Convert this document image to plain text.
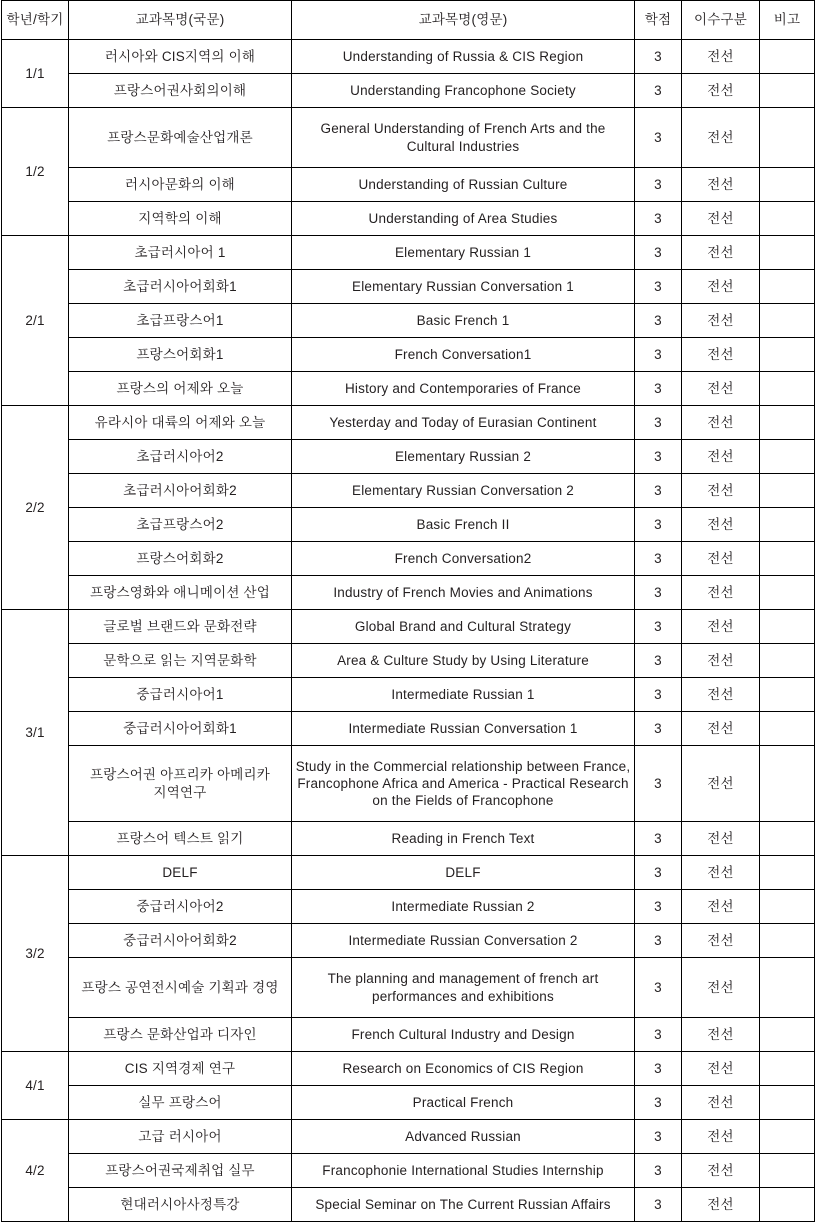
학년/학기	교과목명(국문)	교과목명(영문)	학점	이수구분	비고
1/1	러시아와 CIS지역의 이해	Understanding of Russia & CIS Region	3	전선	
	프랑스어권사회의이해	Understanding Francophone Society	3	전선	
1/2	프랑스문화예술산업개론	General Understanding of French Arts and the Cultural Industries	3	전선	
	러시아문화의 이해	Understanding of Russian Culture	3	전선	
	지역학의 이해	Understanding of Area Studies	3	전선	
2/1	초급러시아어 1	Elementary Russian 1	3	전선	
	초급러시아어회화1	Elementary Russian Conversation 1	3	전선	
	초급프랑스어1	Basic French 1	3	전선	
	프랑스어회화1	French Conversation1	3	전선	
	프랑스의 어제와 오늘	History and Contemporaries of France	3	전선	
2/2	유라시아 대륙의 어제와 오늘	Yesterday and Today of Eurasian Continent	3	전선	
	초급러시아어2	Elementary Russian 2	3	전선	
	초급러시아어회화2	Elementary Russian Conversation 2	3	전선	
	초급프랑스어2	Basic French II	3	전선	
	프랑스어회화2	French Conversation2	3	전선	
	프랑스영화와 애니메이션 산업	Industry of French Movies and Animations	3	전선	
3/1	글로벌 브랜드와 문화전략	Global Brand and Cultural Strategy	3	전선	
	문학으로 읽는 지역문화학	Area & Culture Study by Using Literature	3	전선	
	중급러시아어1	Intermediate Russian 1	3	전선	
	중급러시아어회화1	Intermediate Russian Conversation 1	3	전선	
	프랑스어권 아프리카 아메리카 지역연구	Study in the Commercial relationship between France, Francophone Africa and America - Practical Research on the Fields of Francophone	3	전선	
	프랑스어 텍스트 읽기	Reading in French Text	3	전선	
3/2	DELF	DELF	3	전선	
	중급러시아어2	Intermediate Russian 2	3	전선	
	중급러시아어회화2	Intermediate Russian Conversation 2	3	전선	
	프랑스 공연전시예술 기획과 경영	The planning and management of french art performances and exhibitions	3	전선	
	프랑스 문화산업과 디자인	French Cultural Industry and Design	3	전선	
4/1	CIS 지역경제 연구	Research on Economics of CIS Region	3	전선	
	실무 프랑스어	Practical French	3	전선	
4/2	고급 러시아어	Advanced Russian	3	전선	
	프랑스어권국제취업 실무	Francophonie International Studies Internship	3	전선	
	현대러시아사정특강	Special Seminar on The Current Russian Affairs	3	전선	
